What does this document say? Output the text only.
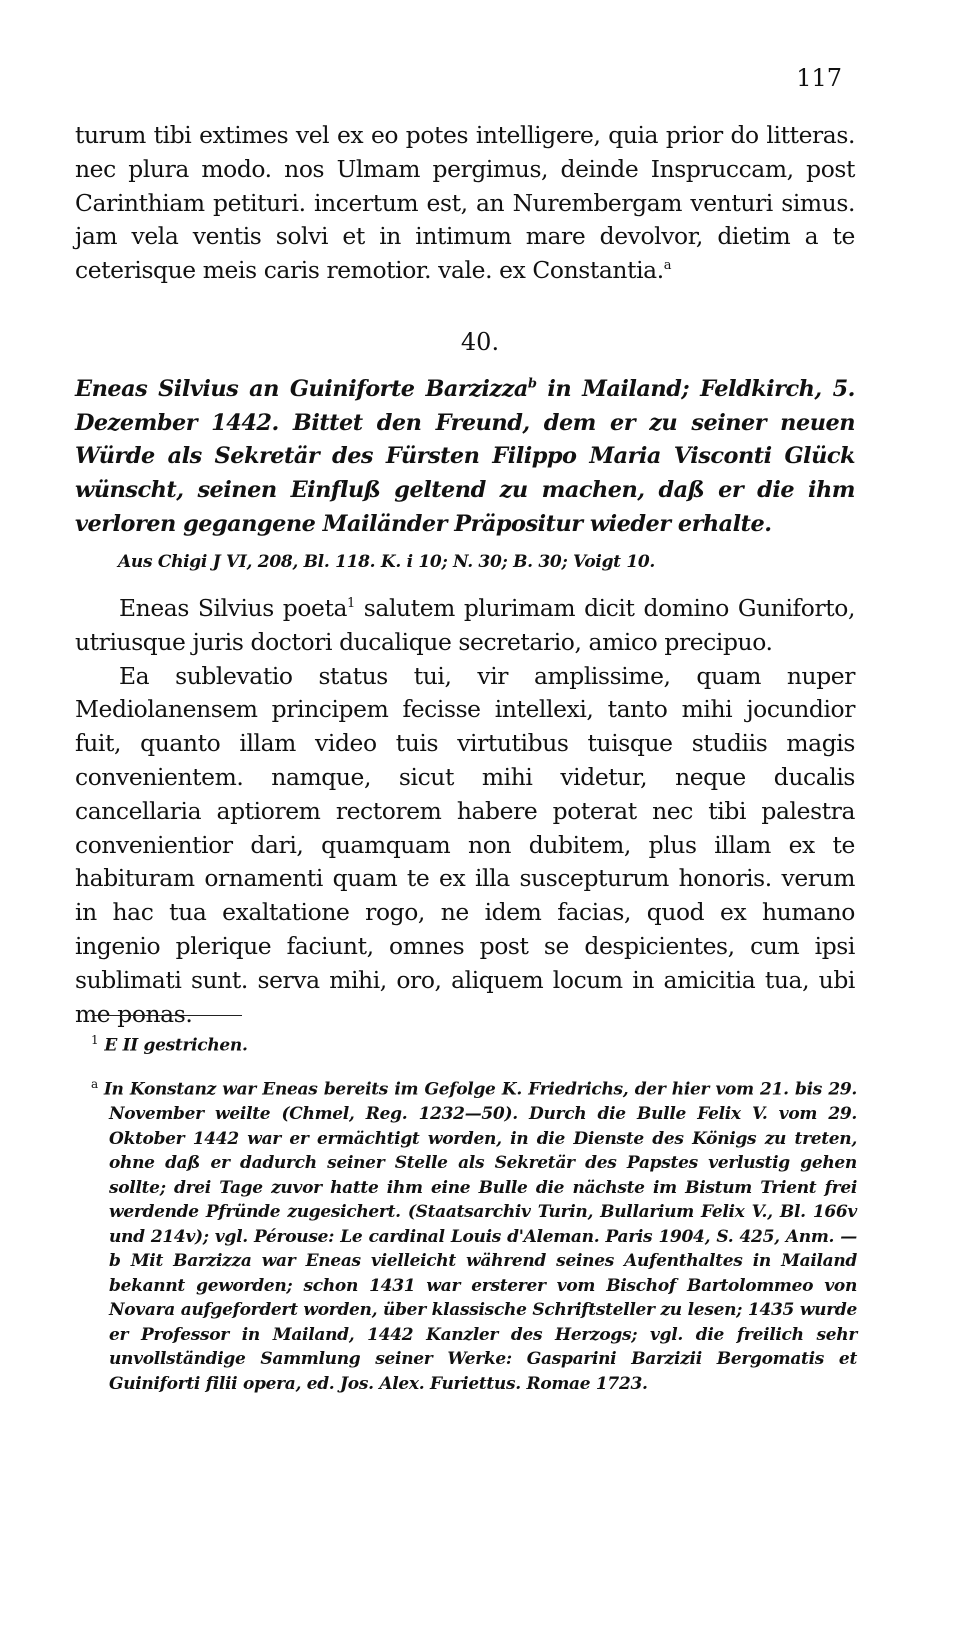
117

turum tibi extimes vel ex eo potes intelligere, quia prior do litteras. nec plura modo. nos Ulmam pergimus, deinde Inspruccam, post Carinthiam petituri. incertum est, an Nurembergam venturi simus. jam vela ventis solvi et in intimum mare devolvor, dietim a te ceterisque meis caris remotior. vale. ex Constantia.$^a$

40.

Eneas Silvius an Guiniforte Barzizza$^b$ in Mailand; Feldkirch, 5. Dezember 1442. Bittet den Freund, dem er zu seiner neuen Würde als Sekretär des Fürsten Filippo Maria Visconti Glück wünscht, seinen Einfluß geltend zu machen, daß er die ihm verloren gegangene Mailänder Präpositur wieder erhalte.

Aus Chigi J VI, 208, Bl. 118. K. i 10; N. 30; B. 30; Voigt 10.

Eneas Silvius poeta$^1$ salutem plurimam dicit domino Guniforto, utriusque juris doctori ducalique secretario, amico precipuo.

Ea sublevatio status tui, vir amplissime, quam nuper Mediolanensem principem fecisse intellexi, tanto mihi jocundior fuit, quanto illam video tuis virtutibus tuisque studiis magis convenientem. namque, sicut mihi videtur, neque ducalis cancellaria aptiorem rectorem habere poterat nec tibi palestra convenientior dari, quamquam non dubitem, plus illam ex te habituram ornamenti quam te ex illa suscepturum honoris. verum in hac tua exaltatione rogo, ne idem facias, quod ex humano ingenio plerique faciunt, omnes post se despicientes, cum ipsi sublimati sunt. serva mihi, oro, aliquem locum in amicitia tua, ubi me ponas.

$^1$ E II gestrichen.

$^a$ In Konstanz war Eneas bereits im Gefolge K. Friedrichs, der hier vom 21. bis 29. November weilte (Chmel, Reg. 1232—50). Durch die Bulle Felix V. vom 29. Oktober 1442 war er ermächtigt worden, in die Dienste des Königs zu treten, ohne daß er dadurch seiner Stelle als Sekretär des Papstes verlustig gehen sollte; drei Tage zuvor hatte ihm eine Bulle die nächste im Bistum Trient frei werdende Pfründe zugesichert. (Staatsarchiv Turin, Bullarium Felix V., Bl. 166v und 214v); vgl. Pérouse: Le cardinal Louis d'Aleman. Paris 1904, S. 425, Anm. — b Mit Barzizza war Eneas vielleicht während seines Aufenthaltes in Mailand bekannt geworden; schon 1431 war ersterer vom Bischof Bartolommeo von Novara aufgefordert worden, über klassische Schriftsteller zu lesen; 1435 wurde er Professor in Mailand, 1442 Kanzler des Herzogs; vgl. die freilich sehr unvollständige Sammlung seiner Werke: Gasparini Barzizii Bergomatis et Guiniforti filii opera, ed. Jos. Alex. Furiettus. Romae 1723.
